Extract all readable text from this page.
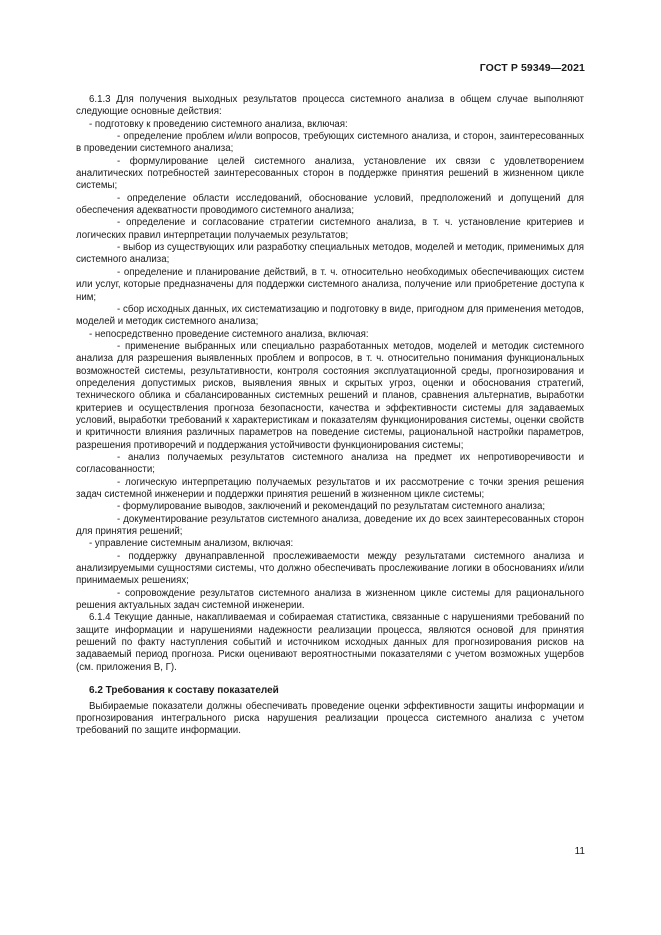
ГОСТ Р 59349—2021

6.1.3 Для получения выходных результатов процесса системного анализа в общем случае выполняют следующие основные действия:

- подготовку к проведению системного анализа, включая:

- определение проблем и/или вопросов, требующих системного анализа, и сторон, заинтересованных в проведении системного анализа;

- формулирование целей системного анализа, установление их связи с удовлетворением аналитических потребностей заинтересованных сторон в поддержке принятия решений в жизненном цикле системы;

- определение области исследований, обоснование условий, предположений и допущений для обеспечения адекватности проводимого системного анализа;

- определение и согласование стратегии системного анализа, в т. ч. установление критериев и логических правил интерпретации получаемых результатов;

- выбор из существующих или разработку специальных методов, моделей и методик, применимых для системного анализа;

- определение и планирование действий, в т. ч. относительно необходимых обеспечивающих систем или услуг, которые предназначены для поддержки системного анализа, получение или приобретение доступа к ним;

- сбор исходных данных, их систематизацию и подготовку в виде, пригодном для применения методов, моделей и методик системного анализа;

- непосредственно проведение системного анализа, включая:

- применение выбранных или специально разработанных методов, моделей и методик системного анализа для разрешения выявленных проблем и вопросов, в т. ч. относительно понимания функциональных возможностей системы, результативности, контроля состояния эксплуатационной среды, прогнозирования и определения допустимых рисков, выявления явных и скрытых угроз, оценки и обоснования стратегий, технического облика и сбалансированных системных решений и планов, сравнения альтернатив, выработки критериев и осуществления прогноза безопасности, качества и эффективности системы для задаваемых условий, выработки требований к характеристикам и показателям функционирования системы, оценки свойств и критичности влияния различных параметров на поведение системы, рациональной настройки параметров, разрешения противоречий и поддержания устойчивости функционирования системы;

- анализ получаемых результатов системного анализа на предмет их непротиворечивости и согласованности;

- логическую интерпретацию получаемых результатов и их рассмотрение с точки зрения решения задач системной инженерии и поддержки принятия решений в жизненном цикле системы;

- формулирование выводов, заключений и рекомендаций по результатам системного анализа;

- документирование результатов системного анализа, доведение их до всех заинтересованных сторон для принятия решений;

- управление системным анализом, включая:

- поддержку двунаправленной прослеживаемости между результатами системного анализа и анализируемыми сущностями системы, что должно обеспечивать прослеживание логики в обоснованиях и/или принимаемых решениях;

- сопровождение результатов системного анализа в жизненном цикле системы для рационального решения актуальных задач системной инженерии.

6.1.4 Текущие данные, накапливаемая и собираемая статистика, связанные с нарушениями требований по защите информации и нарушениями надежности реализации процесса, являются основой для принятия решений по факту наступления событий и источником исходных данных для прогнозирования рисков на задаваемый период прогноза. Риски оценивают вероятностными показателями с учетом возможных ущербов (см. приложения В, Г).

6.2 Требования к составу показателей

Выбираемые показатели должны обеспечивать проведение оценки эффективности защиты информации и прогнозирования интегрального риска нарушения реализации процесса системного анализа с учетом требований по защите информации.

11
